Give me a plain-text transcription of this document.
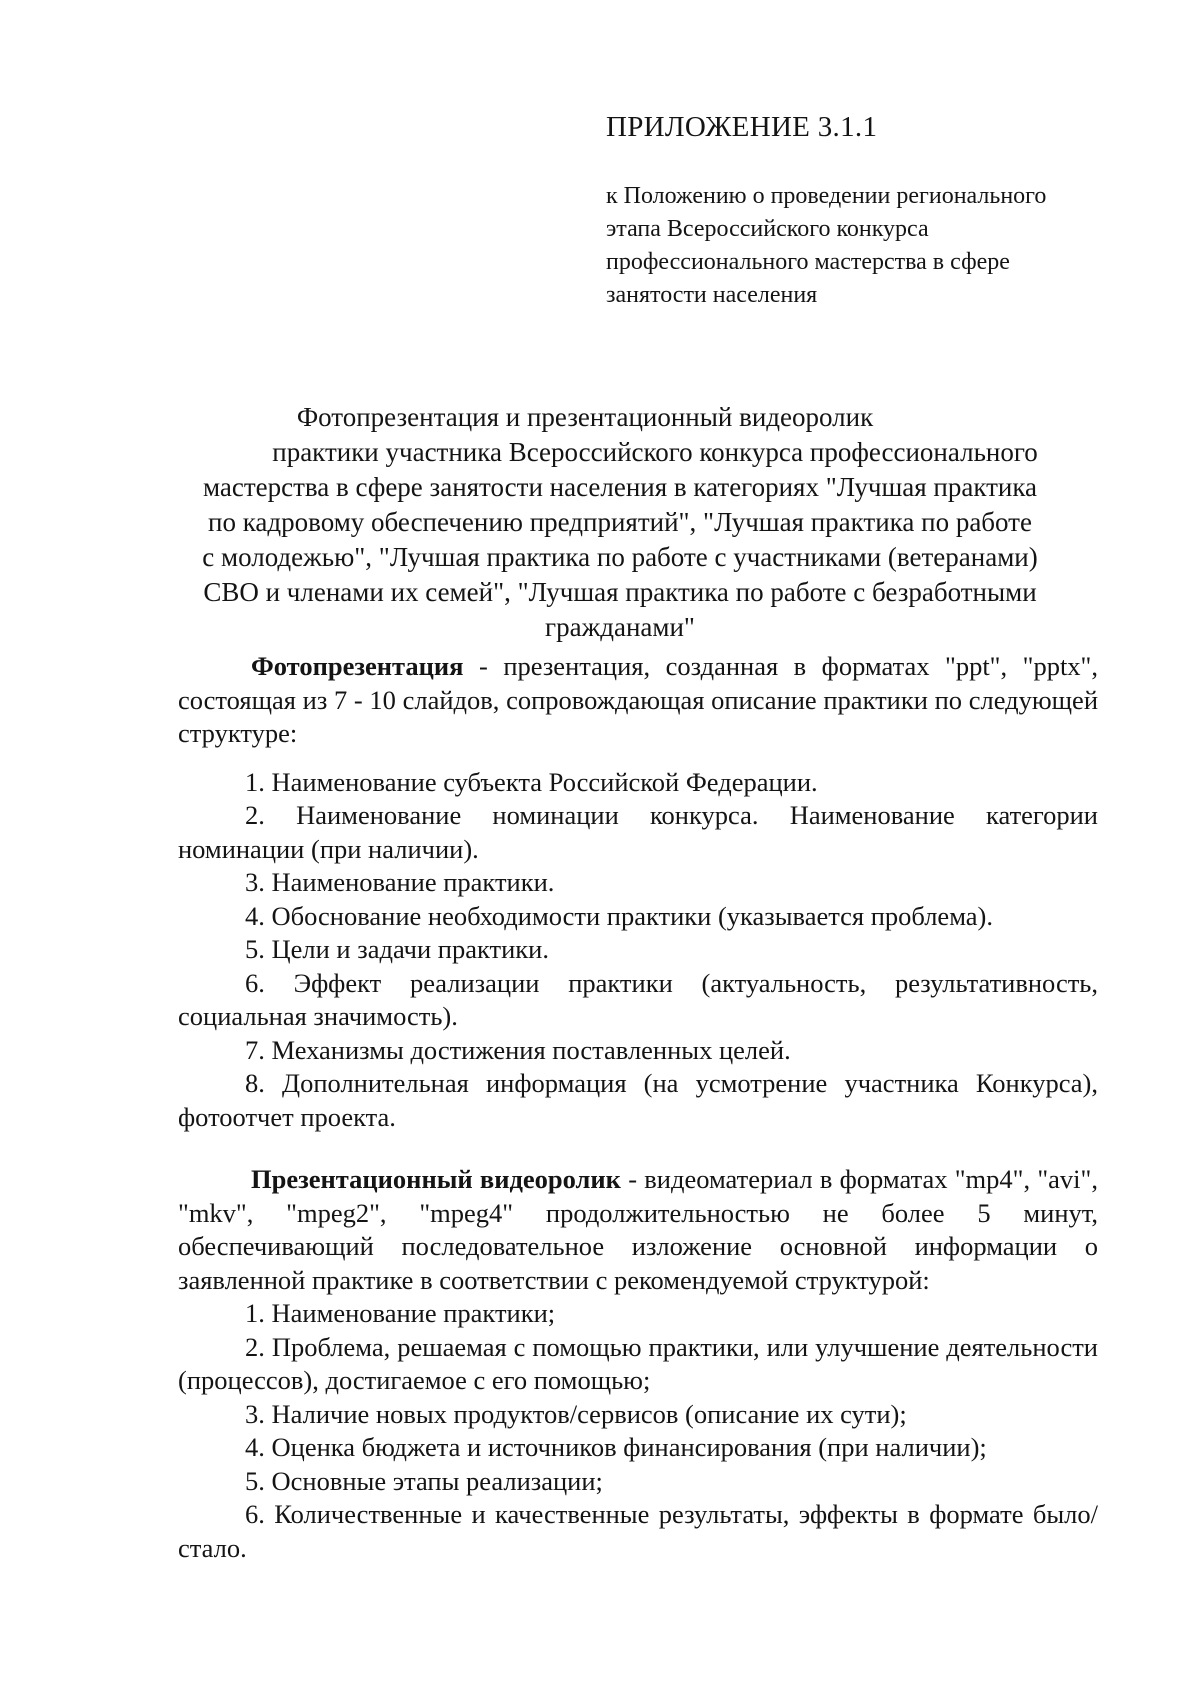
ПРИЛОЖЕНИЕ 3.1.1
к Положению о проведении регионального
этапа Всероссийского конкурса
профессионального мастерства в сфере
занятости населения
Фотопрезентация и презентационный видеоролик
практики участника Всероссийского конкурса профессионального
мастерства в сфере занятости населения в категориях "Лучшая практика
по кадровому обеспечению предприятий", "Лучшая практика по работе
с молодежью", "Лучшая практика по работе с участниками (ветеранами)
СВО и членами их семей", "Лучшая практика по работе с безработными
гражданами"

Фотопрезентация - презентация, созданная в форматах "ppt", "pptx", состоящая из 7 - 10 слайдов, сопровождающая описание практики по следующей структуре:

1. Наименование субъекта Российской Федерации.
2. Наименование номинации конкурса. Наименование категории номинации (при наличии).
3. Наименование практики.
4. Обоснование необходимости практики (указывается проблема).
5. Цели и задачи практики.
6. Эффект реализации практики (актуальность, результативность, социальная значимость).
7. Механизмы достижения поставленных целей.
8. Дополнительная информация (на усмотрение участника Конкурса), фотоотчет проекта.

Презентационный видеоролик - видеоматериал в форматах "mp4", "avi", "mkv", "mpeg2", "mpeg4" продолжительностью не более 5 минут, обеспечивающий последовательное изложение основной информации о заявленной практике в соответствии с рекомендуемой структурой:

1. Наименование практики;
2. Проблема, решаемая с помощью практики, или улучшение деятельности (процессов), достигаемое с его помощью;
3. Наличие новых продуктов/сервисов (описание их сути);
4. Оценка бюджета и источников финансирования (при наличии);
5. Основные этапы реализации;
6. Количественные и качественные результаты, эффекты в формате было/стало.
